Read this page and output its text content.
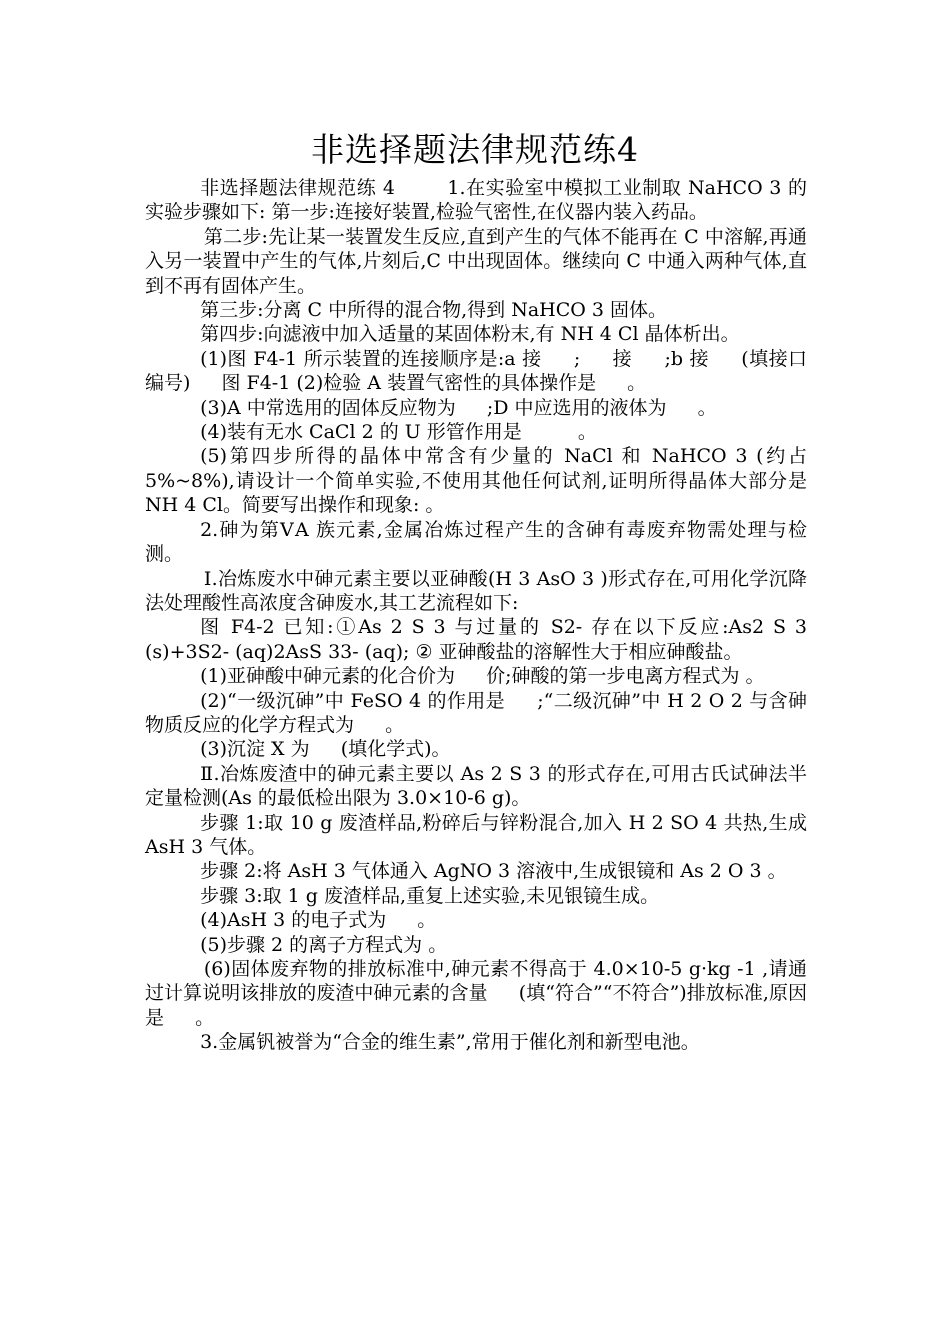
非选择题法律规范练4

非选择题法律规范练 4 　　 1.在实验室中模拟工业制取 NaHCO 3 的实验步骤如下: 第一步:连接好装置,检验气密性,在仪器内装入药品。

第二步:先让某一装置发生反应,直到产生的气体不能再在 C 中溶解,再通入另一装置中产生的气体,片刻后,C 中出现固体。继续向 C 中通入两种气体,直到不再有固体产生。

第三步:分离 C 中所得的混合物,得到 NaHCO 3 固体。

第四步:向滤液中加入适量的某固体粉末,有 NH 4 Cl 晶体析出。

(1)图 F4-1 所示装置的连接顺序是:a 接 　 ; 　 接 　 ;b 接 　 (填接口编号) 　 图 F4-1 (2)检验 A 装置气密性的具体操作是 　 。

(3)A 中常选用的固体反应物为 　 ;D 中应选用的液体为 　 。

(4)装有无水 CaCl 2 的 U 形管作用是 　 　 。

(5)第四步所得的晶体中常含有少量的 NaCl 和 NaHCO 3 (约占 5%~8%),请设计一个简单实验,不使用其他任何试剂,证明所得晶体大部分是 NH 4 Cl。简要写出操作和现象: 。

2.砷为第ⅤA 族元素,金属冶炼过程产生的含砷有毒废弃物需处理与检测。

Ⅰ.冶炼废水中砷元素主要以亚砷酸(H 3 AsO 3 )形式存在,可用化学沉降法处理酸性高浓度含砷废水,其工艺流程如下:

图 F4-2 已知:①As 2 S 3 与过量的 S2- 存在以下反应:As2 S 3 (s)+3S2- (aq)2AsS 33- (aq); ② 亚砷酸盐的溶解性大于相应砷酸盐。

(1)亚砷酸中砷元素的化合价为 　 价;砷酸的第一步电离方程式为 。

(2)“一级沉砷”中 FeSO 4 的作用是 　 ;“二级沉砷”中 H 2 O 2 与含砷物质反应的化学方程式为 　 。

(3)沉淀 X 为 　 (填化学式)。

Ⅱ.冶炼废渣中的砷元素主要以 As 2 S 3 的形式存在,可用古氏试砷法半定量检测(As 的最低检出限为 3.0×10-6 g)。

步骤 1:取 10 g 废渣样品,粉碎后与锌粉混合,加入 H 2 SO 4 共热,生成 AsH 3 气体。

步骤 2:将 AsH 3 气体通入 AgNO 3 溶液中,生成银镜和 As 2 O 3 。

步骤 3:取 1 g 废渣样品,重复上述实验,未见银镜生成。

(4)AsH 3 的电子式为 　 。

(5)步骤 2 的离子方程式为 。

(6)固体废弃物的排放标准中,砷元素不得高于 4.0×10-5 g·kg -1 ,请通过计算说明该排放的废渣中砷元素的含量 　 (填“符合”“不符合”)排放标准,原因是 　 。

3.金属钒被誉为“合金的维生素”,常用于催化剂和新型电池。
